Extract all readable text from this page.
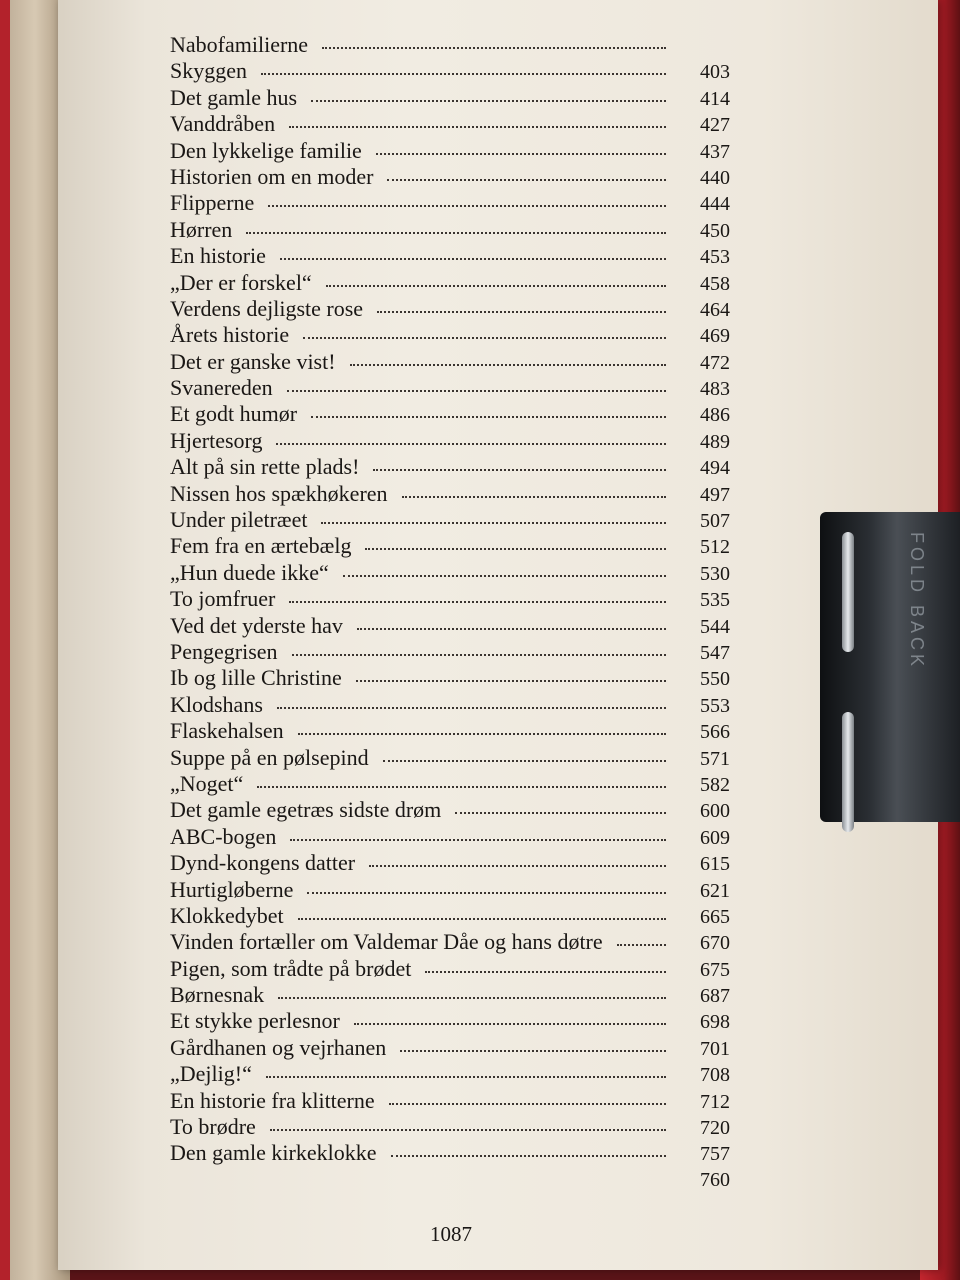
Nabofamilierne
Skyggen	403
Det gamle hus	414
Vanddråben	427
Den lykkelige familie	437
Historien om en moder	440
Flipperne	444
Hørren	450
En historie	453
„Der er forskel“	458
Verdens dejligste rose	464
Årets historie	469
Det er ganske vist!	472
Svanereden	483
Et godt humør	486
Hjertesorg	489
Alt på sin rette plads!	494
Nissen hos spækhøkeren	497
Under piletræet	507
Fem fra en ærtebælg	512
„Hun duede ikke“	530
To jomfruer	535
Ved det yderste hav	544
Pengegrisen	547
Ib og lille Christine	550
Klodshans	553
Flaskehalsen	566
Suppe på en pølsepind	571
„Noget“	582
Det gamle egetræs sidste drøm	600
ABC-bogen	609
Dynd-kongens datter	615
Hurtigløberne	621
Klokkedybet	665
Vinden fortæller om Valdemar Dåe og hans døtre	670
Pigen, som trådte på brødet	675
Børnesnak	687
Et stykke perlesnor	698
Gårdhanen og vejrhanen	701
„Dejlig!“	708
En historie fra klitterne	712
To brødre	720
Den gamle kirkeklokke	757
760
1087
FOLD BACK
